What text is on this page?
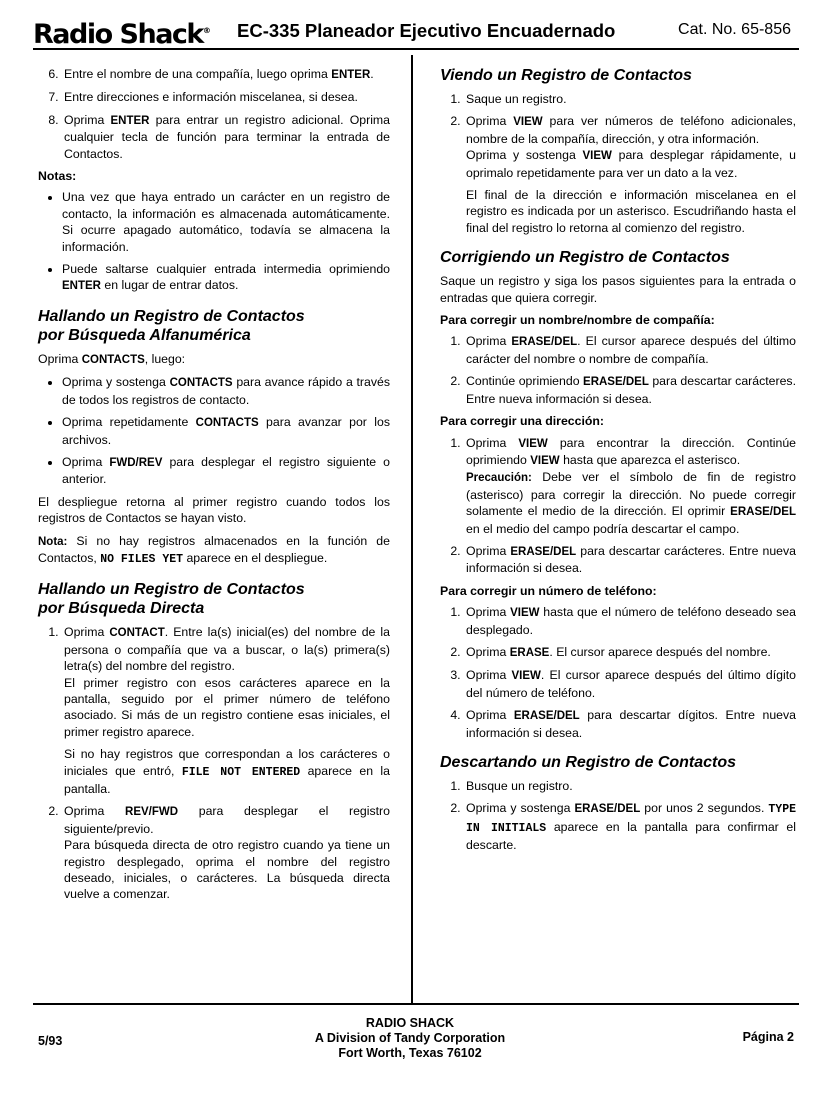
Radio Shack® EC-335 Planeador Ejecutivo Encuadernado	Cat. No. 65-856
6. Entre el nombre de una compañía, luego oprima ENTER.
7. Entre direcciones e información miscelanea, si desea.
8. Oprima ENTER para entrar un registro adicional. Oprima cualquier tecla de función para terminar la entrada de Contactos.
Notas:
• Una vez que haya entrado un carácter en un registro de contacto, la información es almacenada automáticamente. Si ocurre apagado automático, todavía se almacena la información.
• Puede saltarse cualquier entrada intermedia oprimiendo ENTER en lugar de entrar datos.
Hallando un Registro de Contactos
por Búsqueda Alfanumérica

Oprima CONTACTS, luego:

• Oprima y sostenga CONTACTS para avance rápido a través de todos los registros de contacto.
• Oprima repetidamente CONTACTS para avanzar por los archivos.
• Oprima FWD/REV para desplegar el registro siguiente o anterior.

El despliegue retorna al primer registro cuando todos los registros de Contactos se hayan visto.

Nota: Si no hay registros almacenados en la función de Contactos, NO FILES YET aparece en el despliegue.

Hallando un Registro de Contactos
por Búsqueda Directa
1. Oprima CONTACT. Entre la(s) inicial(es) del nombre de la persona o compañía que va a buscar, o la(s) primera(s) letra(s) del nombre del registro.

El primer registro con esos carácteres aparece en la pantalla, seguido por el primer número de teléfono asociado. Si más de un registro contiene esas iniciales, el primer registro aparece.

Si no hay registros que correspondan a los carácteres o iniciales que entró, FILE NOT ENTERED aparece en la pantalla.

2. Oprima REV/FWD para desplegar el registro siguiente/previo.

Para búsqueda directa de otro registro cuando ya tiene un registro desplegado, oprima el nombre del registro deseado, iniciales, o carácteres. La búsqueda directa vuelve a comenzar.

Viendo un Registro de Contactos
1. Saque un registro.
2. Oprima VIEW para ver números de teléfono adicionales, nombre de la compañía, dirección, y otra información.

Oprima y sostenga VIEW para desplegar rápidamente, u oprimalo repetidamente para ver un dato a la vez.

El final de la dirección e información miscelanea en el registro es indicada por un asterisco. Escudriñando hasta el final del registro lo retorna al comienzo del registro.

Corrigiendo un Registro de Contactos

Saque un registro y siga los pasos siguientes para la entrada o entradas que quiera corregir.

Para corregir un nombre/nombre de compañía:
1. Oprima ERASE/DEL. El cursor aparece después del último carácter del nombre o nombre de compañía.
2. Continúe oprimiendo ERASE/DEL para descartar carácteres. Entre nueva información si desea.
Para corregir una dirección:
1. Oprima VIEW para encontrar la dirección. Continúe oprimiendo VIEW hasta que aparezca el asterisco.

Precaución: Debe ver el símbolo de fin de registro (asterisco) para corregir la dirección. No puede corregir solamente el medio de la dirección. El oprimir ERASE/DEL en el medio del campo podría descartar el campo.

2. Oprima ERASE/DEL para descartar carácteres. Entre nueva información si desea.
Para corregir un número de teléfono:
1. Oprima VIEW hasta que el número de teléfono deseado sea desplegado.
2. Oprima ERASE. El cursor aparece después del nombre.
3. Oprima VIEW. El cursor aparece después del último dígito del número de teléfono.
4. Oprima ERASE/DEL para descartar dígitos. Entre nueva información si desea.
Descartando un Registro de Contactos
1. Busque un registro.
2. Oprima y sostenga ERASE/DEL por unos 2 segundos. TYPE IN INITIALS aparece en la pantalla para confirmar el descarte.
5/93
RADIO SHACK
A Division of Tandy Corporation
Fort Worth, Texas 76102
Página 2
